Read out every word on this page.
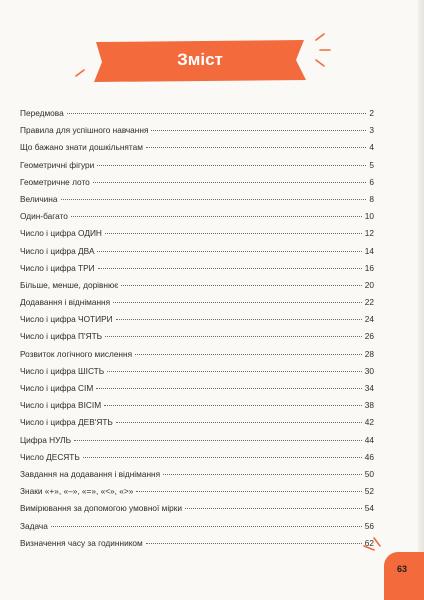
Зміст
Передмова	2
Правила для успішного навчання	3
Що бажано знати дошкільнятам	4
Геометричні фігури	5
Геометричне лото	6
Величина	8
Один-багато	10
Число і цифра ОДИН	12
Число і цифра ДВА	14
Число і цифра ТРИ	16
Більше, менше, дорівнює	20
Додавання і віднімання	22
Число і цифра ЧОТИРИ	24
Число і цифра П'ЯТЬ	26
Розвиток логічного мислення	28
Число і цифра ШІСТЬ	30
Число і цифра СІМ	34
Число і цифра ВІСІМ	38
Число і цифра ДЕВ'ЯТЬ	42
Цифра НУЛЬ	44
Число ДЕСЯТЬ	46
Завдання на додавання і віднімання	50
Знаки «+», «–», «=», «<», «>»	52
Вимірювання за допомогою умовної мірки	54
Задача	56
Визначення часу за годинником	62
63
